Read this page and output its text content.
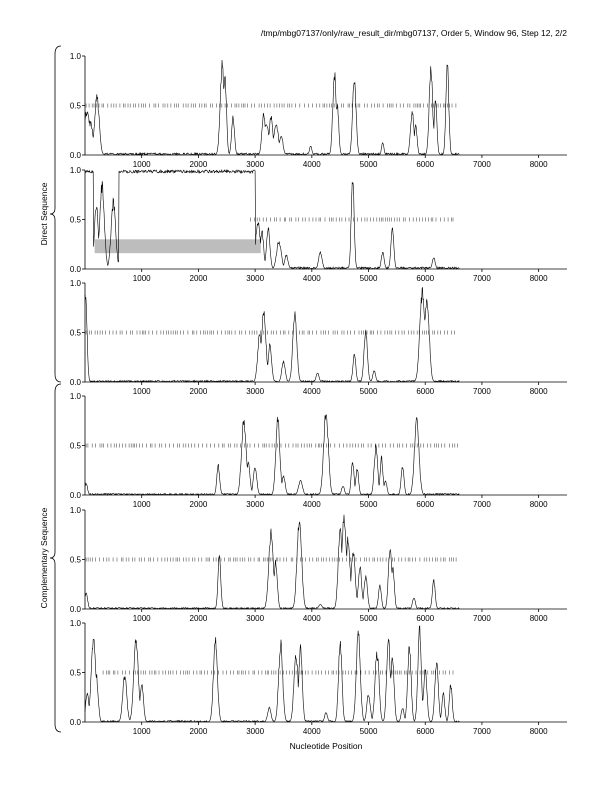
/tmp/mbg07137/only/raw_result_dir/mbg07137, Order 5, Window 96, Step 12, 2/2
0.0
0.5
1.0
1000	2000	3000	4000	5000	6000	7000	8000
0.0
0.5
1.0
1000	2000	3000	4000	5000	6000	7000	8000
0.0
0.5
1.0
1000	2000	3000	4000	5000	6000	7000	8000
0.0
0.5
1.0
1000	2000	3000	4000	5000	6000	7000	8000
0.0
0.5
1.0
1000	2000	3000	4000	5000	6000	7000	8000
0.0
0.5
1.0
1000	2000	3000	4000	5000	6000	7000	8000
Direct Sequence
Complementary Sequence
Nucleotide Position
